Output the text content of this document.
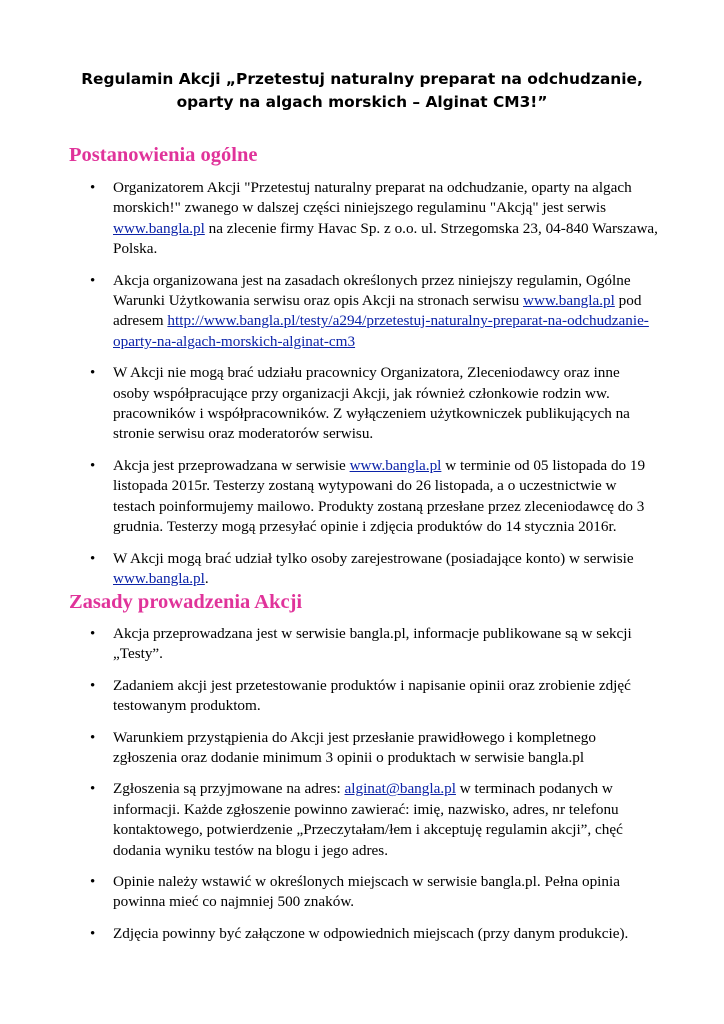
Regulamin Akcji „Przetestuj naturalny preparat na odchudzanie, oparty na algach morskich – Alginat CM3!”
Postanowienia ogólne
• Organizatorem Akcji "Przetestuj naturalny preparat na odchudzanie, oparty na algach morskich!" zwanego w dalszej części niniejszego regulaminu "Akcją" jest serwis www.bangla.pl na zlecenie firmy Havac Sp. z o.o. ul. Strzegomska 23, 04-840 Warszawa, Polska.
• Akcja organizowana jest na zasadach określonych przez niniejszy regulamin, Ogólne Warunki Użytkowania serwisu oraz opis Akcji na stronach serwisu www.bangla.pl pod adresem http://www.bangla.pl/testy/a294/przetestuj-naturalny-preparat-na-odchudzanie-oparty-na-algach-morskich-alginat-cm3
• W Akcji nie mogą brać udziału pracownicy Organizatora, Zleceniodawcy oraz inne osoby współpracujące przy organizacji Akcji, jak również członkowie rodzin ww. pracowników i współpracowników. Z wyłączeniem użytkowniczek publikujących na stronie serwisu oraz moderatorów serwisu.
• Akcja jest przeprowadzana w serwisie www.bangla.pl w terminie od 05 listopada do 19 listopada 2015r. Testerzy zostaną wytypowani do 26 listopada, a o uczestnictwie w testach poinformujemy mailowo. Produkty zostaną przesłane przez zleceniodawcę do 3 grudnia. Testerzy mogą przesyłać opinie i zdjęcia produktów do 14 stycznia 2016r.
• W Akcji mogą brać udział tylko osoby zarejestrowane (posiadające konto) w serwisie www.bangla.pl.
Zasady prowadzenia Akcji
• Akcja przeprowadzana jest w serwisie bangla.pl, informacje publikowane są w sekcji „Testy”.
• Zadaniem akcji jest przetestowanie produktów i napisanie opinii oraz zrobienie zdjęć testowanym produktom.
• Warunkiem przystąpienia do Akcji jest przesłanie prawidłowego i kompletnego zgłoszenia oraz dodanie minimum 3 opinii o produktach w serwisie bangla.pl
• Zgłoszenia są przyjmowane na adres: alginat@bangla.pl w terminach podanych w informacji. Każde zgłoszenie powinno zawierać: imię, nazwisko, adres, nr telefonu kontaktowego, potwierdzenie „Przeczytałam/łem i akceptuję regulamin akcji”, chęć dodania wyniku testów na blogu i jego adres.
• Opinie należy wstawić w określonych miejscach w serwisie bangla.pl. Pełna opinia powinna mieć co najmniej 500 znaków.
• Zdjęcia powinny być załączone w odpowiednich miejscach (przy danym produkcie).
